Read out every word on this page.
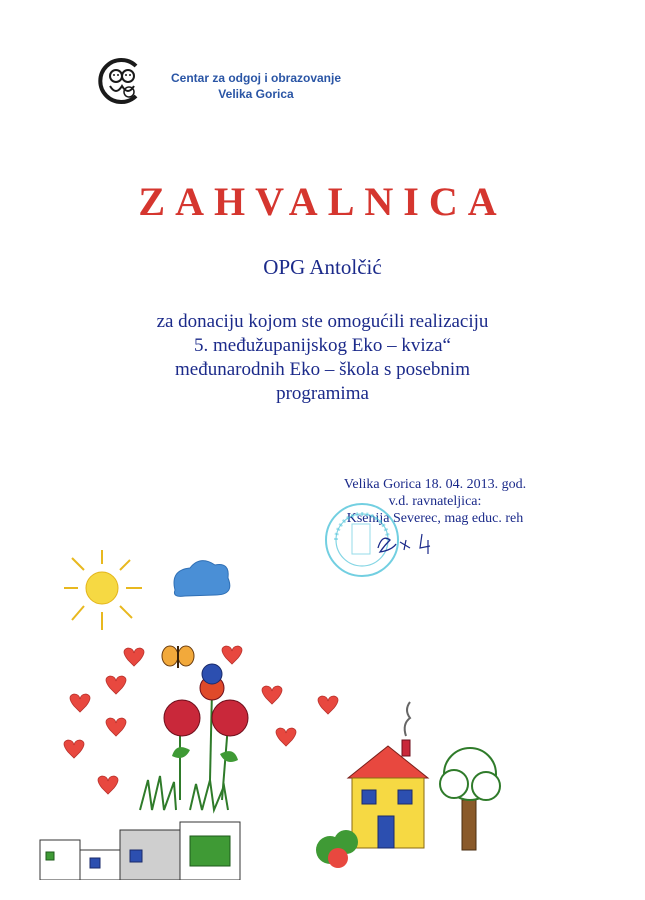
Centar za odgoj i obrazovanje
Velika Gorica
ZAHVALNICA
OPG Antolčić
za donaciju kojom ste omogućili realizaciju
5. međužupanijskog Eko – kviza“
međunarodnih Eko – škola s posebnim
programima
Velika Gorica 18. 04. 2013. god.
v.d. ravnateljica:
Ksenija Severec, mag educ. reh
